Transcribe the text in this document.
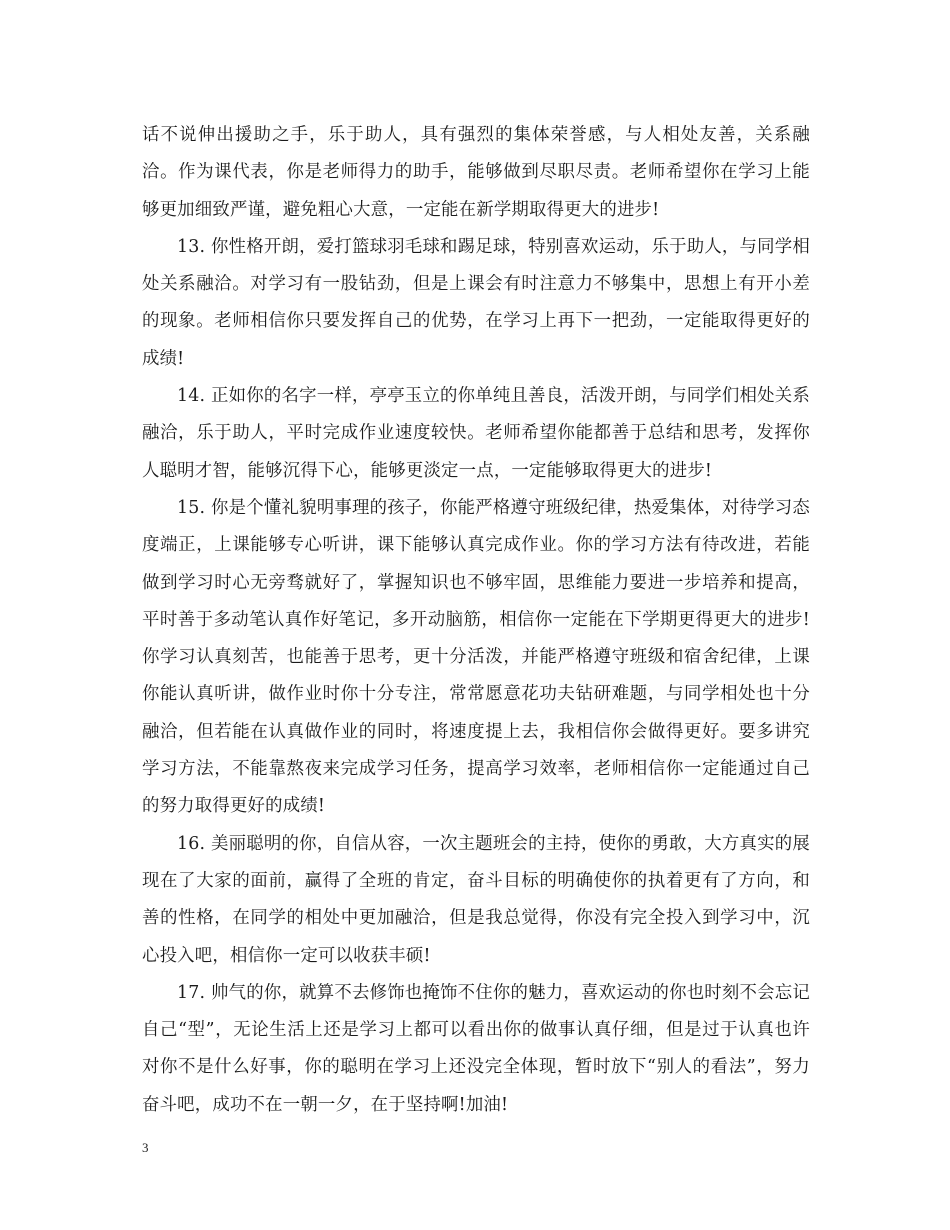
话不说伸出援助之手，乐于助人，具有强烈的集体荣誉感，与人相处友善，关系融洽。作为课代表，你是老师得力的助手，能够做到尽职尽责。老师希望你在学习上能够更加细致严谨，避免粗心大意，一定能在新学期取得更大的进步!

13. 你性格开朗，爱打篮球羽毛球和踢足球，特别喜欢运动，乐于助人，与同学相处关系融洽。对学习有一股钻劲，但是上课会有时注意力不够集中，思想上有开小差的现象。老师相信你只要发挥自己的优势，在学习上再下一把劲，一定能取得更好的成绩!

14. 正如你的名字一样，亭亭玉立的你单纯且善良，活泼开朗，与同学们相处关系融洽，乐于助人，平时完成作业速度较快。老师希望你能都善于总结和思考，发挥你人聪明才智，能够沉得下心，能够更淡定一点，一定能够取得更大的进步!

15. 你是个懂礼貌明事理的孩子，你能严格遵守班级纪律，热爱集体，对待学习态度端正，上课能够专心听讲，课下能够认真完成作业。你的学习方法有待改进，若能做到学习时心无旁骛就好了，掌握知识也不够牢固，思维能力要进一步培养和提高，平时善于多动笔认真作好笔记，多开动脑筋，相信你一定能在下学期更得更大的进步! 你学习认真刻苦，也能善于思考，更十分活泼，并能严格遵守班级和宿舍纪律，上课你能认真听讲，做作业时你十分专注，常常愿意花功夫钻研难题，与同学相处也十分融洽，但若能在认真做作业的同时，将速度提上去，我相信你会做得更好。要多讲究学习方法，不能靠熬夜来完成学习任务，提高学习效率，老师相信你一定能通过自己的努力取得更好的成绩!

16. 美丽聪明的你，自信从容，一次主题班会的主持，使你的勇敢，大方真实的展现在了大家的面前，赢得了全班的肯定，奋斗目标的明确使你的执着更有了方向，和善的性格，在同学的相处中更加融洽，但是我总觉得，你没有完全投入到学习中，沉心投入吧，相信你一定可以收获丰硕!

17. 帅气的你，就算不去修饰也掩饰不住你的魅力，喜欢运动的你也时刻不会忘记自己“型”，无论生活上还是学习上都可以看出你的做事认真仔细，但是过于认真也许对你不是什么好事，你的聪明在学习上还没完全体现，暂时放下“别人的看法”，努力奋斗吧，成功不在一朝一夕，在于坚持啊!加油!

3
